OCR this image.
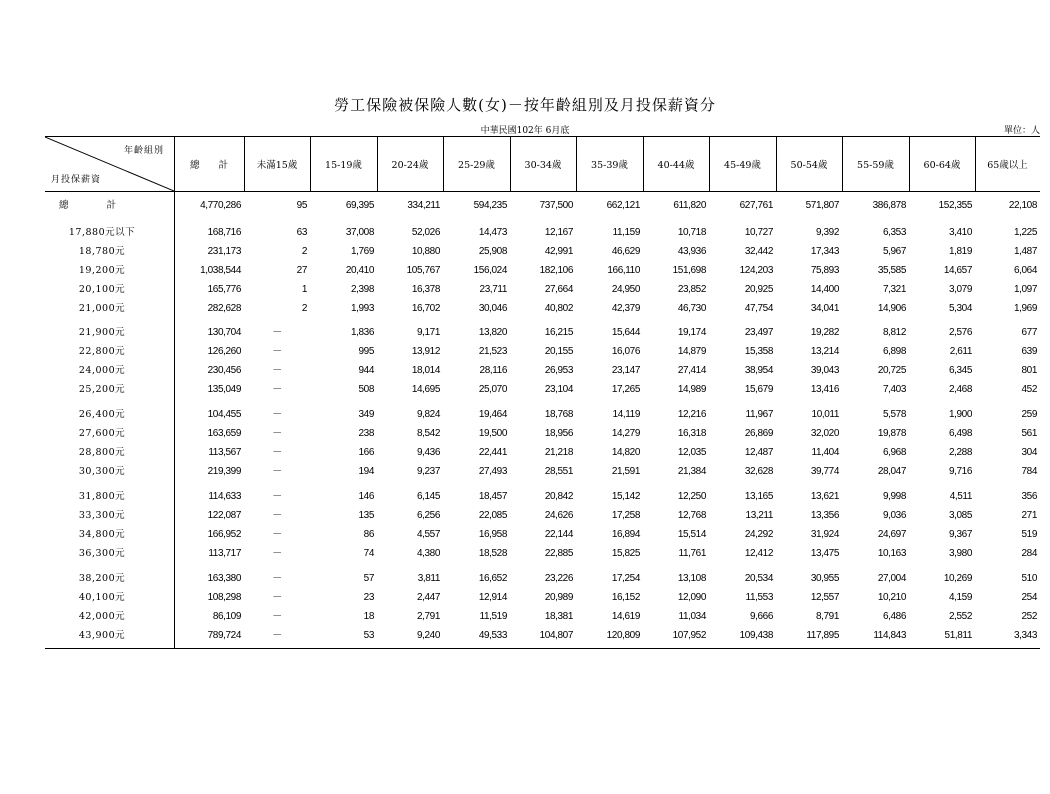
勞工保險被保險人數(女)－按年齡組別及月投保薪資分
中華民國102年 6月底	單位：人
年齡組別
月投保薪資
總　　計	未滿15歲	15-19歲	20-24歲	25-29歲	30-34歲	35-39歲	40-44歲	45-49歲	50-54歲	55-59歲	60-64歲	65歲以上
總　　　　計	4,770,286	95	69,395	334,211	594,235	737,500	662,121	611,820	627,761	571,807	386,878	152,355	22,108
17,880元以下	168,716	63	37,008	52,026	14,473	12,167	11,159	10,718	10,727	9,392	6,353	3,410	1,225
18,780元	231,173	2	1,769	10,880	25,908	42,991	46,629	43,936	32,442	17,343	5,967	1,819	1,487
19,200元	1,038,544	27	20,410	105,767	156,024	182,106	166,110	151,698	124,203	75,893	35,585	14,657	6,064
20,100元	165,776	1	2,398	16,378	23,711	27,664	24,950	23,852	20,925	14,400	7,321	3,079	1,097
21,000元	282,628	2	1,993	16,702	30,046	40,802	42,379	46,730	47,754	34,041	14,906	5,304	1,969
21,900元	130,704	－	1,836	9,171	13,820	16,215	15,644	19,174	23,497	19,282	8,812	2,576	677
22,800元	126,260	－	995	13,912	21,523	20,155	16,076	14,879	15,358	13,214	6,898	2,611	639
24,000元	230,456	－	944	18,014	28,116	26,953	23,147	27,414	38,954	39,043	20,725	6,345	801
25,200元	135,049	－	508	14,695	25,070	23,104	17,265	14,989	15,679	13,416	7,403	2,468	452
26,400元	104,455	－	349	9,824	19,464	18,768	14,119	12,216	11,967	10,011	5,578	1,900	259
27,600元	163,659	－	238	8,542	19,500	18,956	14,279	16,318	26,869	32,020	19,878	6,498	561
28,800元	113,567	－	166	9,436	22,441	21,218	14,820	12,035	12,487	11,404	6,968	2,288	304
30,300元	219,399	－	194	9,237	27,493	28,551	21,591	21,384	32,628	39,774	28,047	9,716	784
31,800元	114,633	－	146	6,145	18,457	20,842	15,142	12,250	13,165	13,621	9,998	4,511	356
33,300元	122,087	－	135	6,256	22,085	24,626	17,258	12,768	13,211	13,356	9,036	3,085	271
34,800元	166,952	－	86	4,557	16,958	22,144	16,894	15,514	24,292	31,924	24,697	9,367	519
36,300元	113,717	－	74	4,380	18,528	22,885	15,825	11,761	12,412	13,475	10,163	3,980	284
38,200元	163,380	－	57	3,811	16,652	23,226	17,254	13,108	20,534	30,955	27,004	10,269	510
40,100元	108,298	－	23	2,447	12,914	20,989	16,152	12,090	11,553	12,557	10,210	4,159	254
42,000元	86,109	－	18	2,791	11,519	18,381	14,619	11,034	9,666	8,791	6,486	2,552	252
43,900元	789,724	－	53	9,240	49,533	104,807	120,809	107,952	109,438	117,895	114,843	51,811	3,343
